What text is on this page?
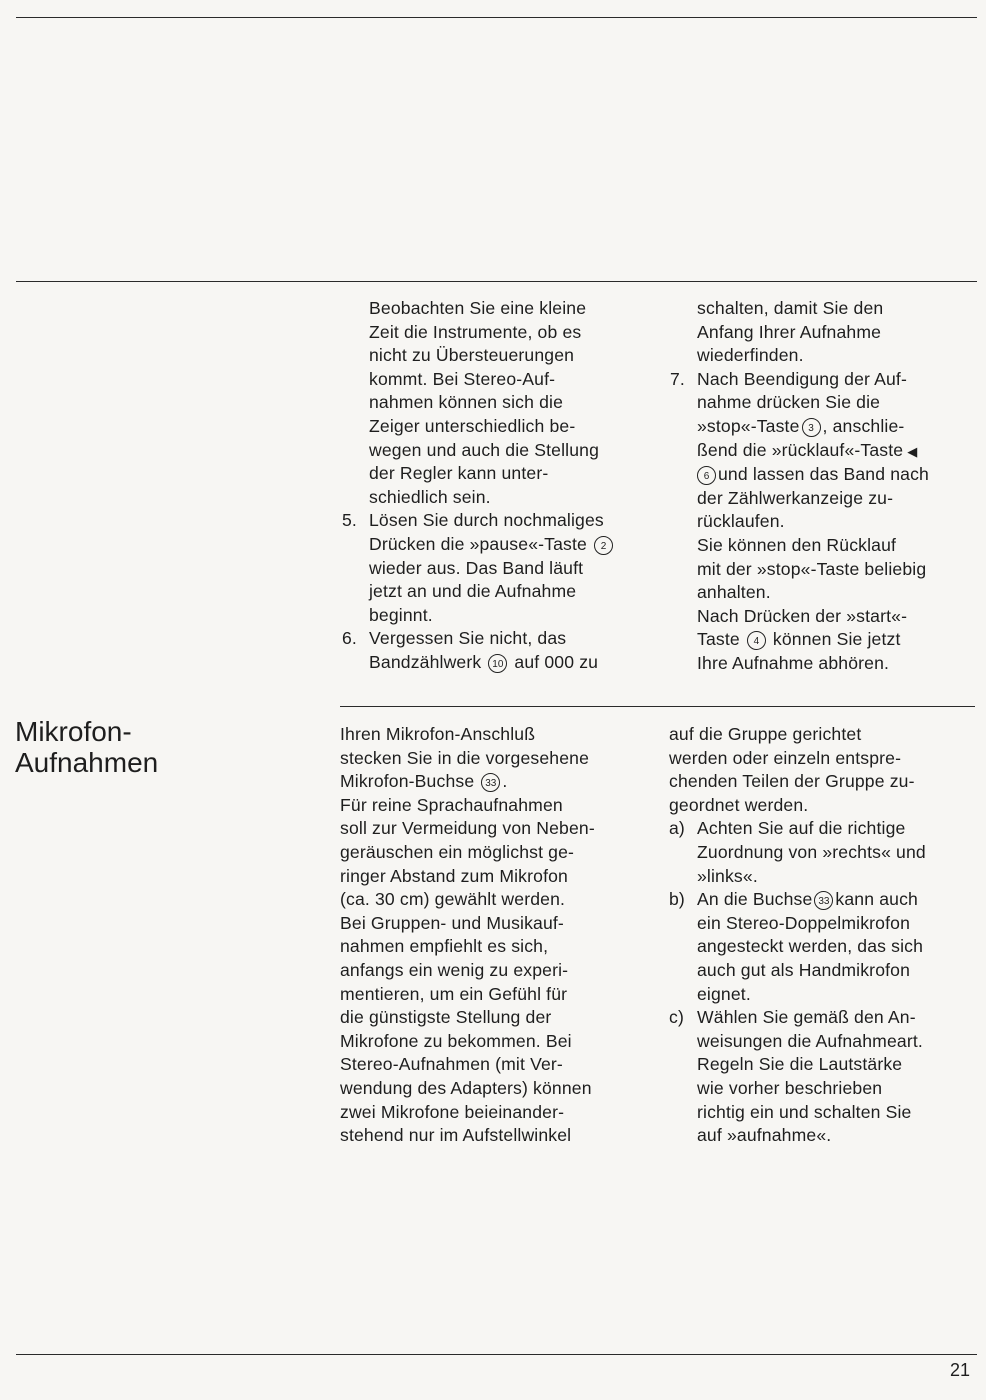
Mikrofon-
Aufnahmen

Beobachten Sie eine kleine
Zeit die Instrumente, ob es
nicht zu Übersteuerungen
kommt. Bei Stereo-Auf-
nahmen können sich die
Zeiger unterschiedlich be-
wegen und auch die Stellung
der Regler kann unter-
schiedlich sein.

5. Lösen Sie durch nochmaliges
Drücken die »pause«-Taste 2
wieder aus. Das Band läuft
jetzt an und die Aufnahme
beginnt.
6. Vergessen Sie nicht, das
Bandzählwerk 10 auf 000 zu

schalten, damit Sie den
Anfang Ihrer Aufnahme
wiederfinden.

7. Nach Beendigung der Auf-
nahme drücken Sie die
»stop«-Taste 3 , anschlie-
ßend die »rücklauf«-Taste ◀
6 und lassen das Band nach
der Zählwerkanzeige zu-
rücklaufen.
Sie können den Rücklauf
mit der »stop«-Taste beliebig
anhalten.
Nach Drücken der »start«-
Taste 4 können Sie jetzt
Ihre Aufnahme abhören.

Ihren Mikrofon-Anschluß
stecken Sie in die vorgesehene
Mikrofon-Buchse 33 .
Für reine Sprachaufnahmen
soll zur Vermeidung von Neben-
geräuschen ein möglichst ge-
ringer Abstand zum Mikrofon
(ca. 30 cm) gewählt werden.
Bei Gruppen- und Musikauf-
nahmen empfiehlt es sich,
anfangs ein wenig zu experi-
mentieren, um ein Gefühl für
die günstigste Stellung der
Mikrofone zu bekommen. Bei
Stereo-Aufnahmen (mit Ver-
wendung des Adapters) können
zwei Mikrofone beieinander-
stehend nur im Aufstellwinkel

auf die Gruppe gerichtet
werden oder einzeln entspre-
chenden Teilen der Gruppe zu-
geordnet werden.

a) Achten Sie auf die richtige
Zuordnung von »rechts« und
»links«.
b) An die Buchse 33 kann auch
ein Stereo-Doppelmikrofon
angesteckt werden, das sich
auch gut als Handmikrofon
eignet.
c) Wählen Sie gemäß den An-
weisungen die Aufnahmeart.
Regeln Sie die Lautstärke
wie vorher beschrieben
richtig ein und schalten Sie
auf »aufnahme«.
21
